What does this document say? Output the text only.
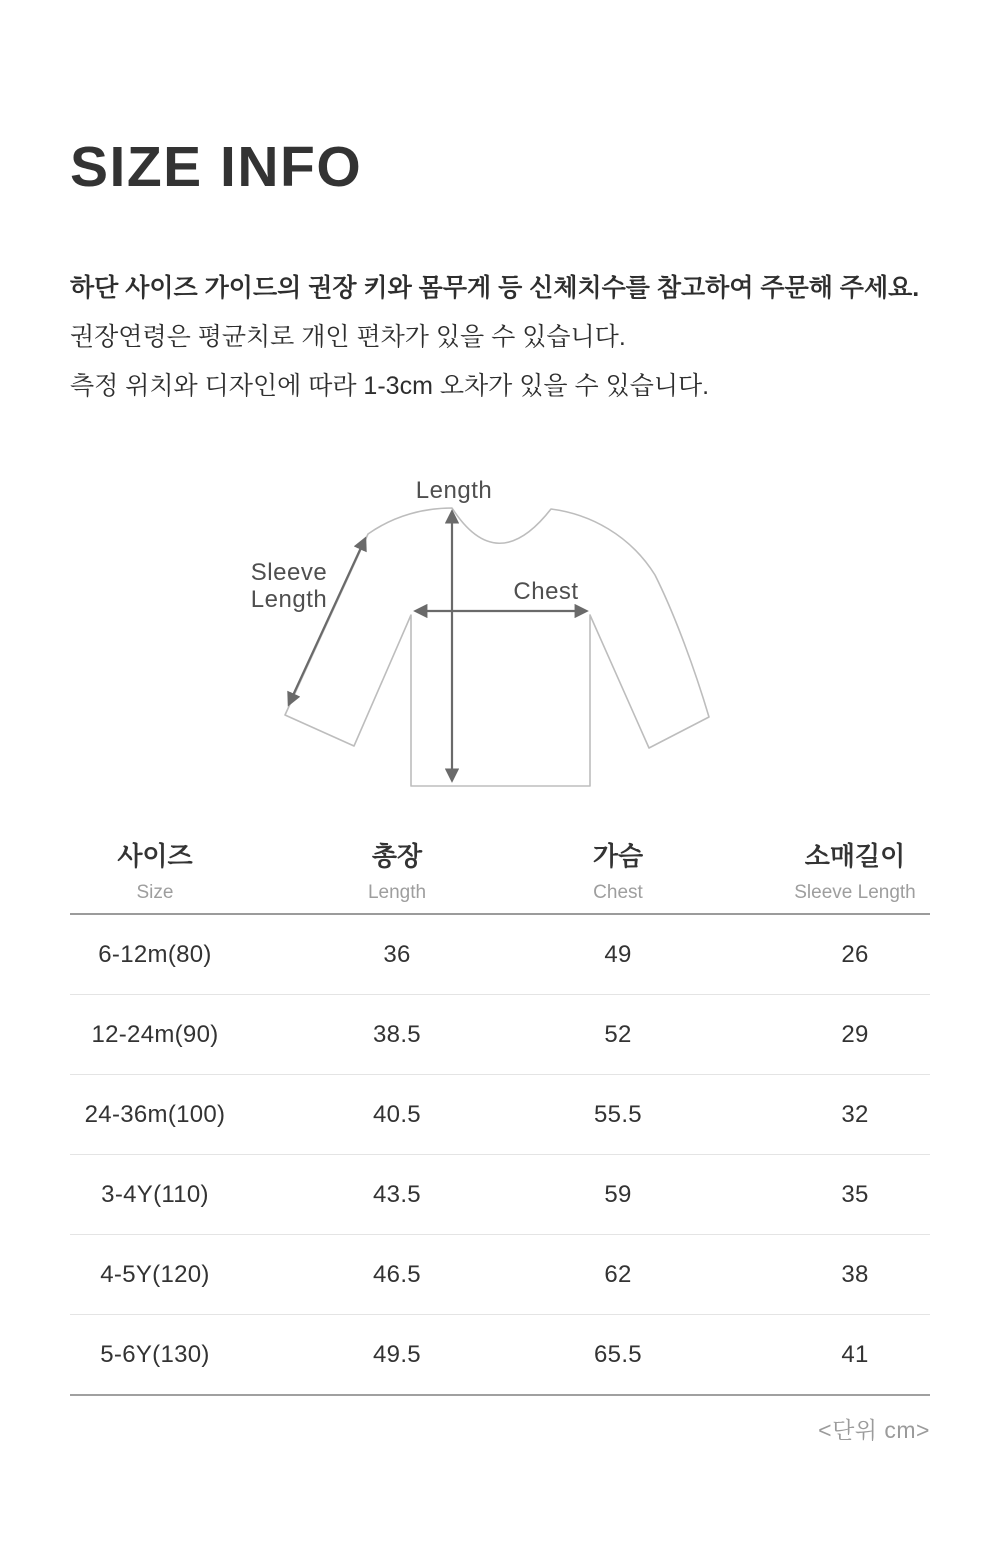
SIZE INFO
하단 사이즈 가이드의 권장 키와 몸무게 등 신체치수를 참고하여 주문해 주세요.
권장연령은 평균치로 개인 편차가 있을 수 있습니다.
측정 위치와 디자인에 따라 1-3cm 오차가 있을 수 있습니다.
Length
Chest
Sleeve
Length
사이즈
Size
총장
Length
가슴
Chest
소매길이
Sleeve Length
6-12m(80)	36	49	26
12-24m(90)	38.5	52	29
24-36m(100)	40.5	55.5	32
3-4Y(110)	43.5	59	35
4-5Y(120)	46.5	62	38
5-6Y(130)	49.5	65.5	41
<단위 cm>
